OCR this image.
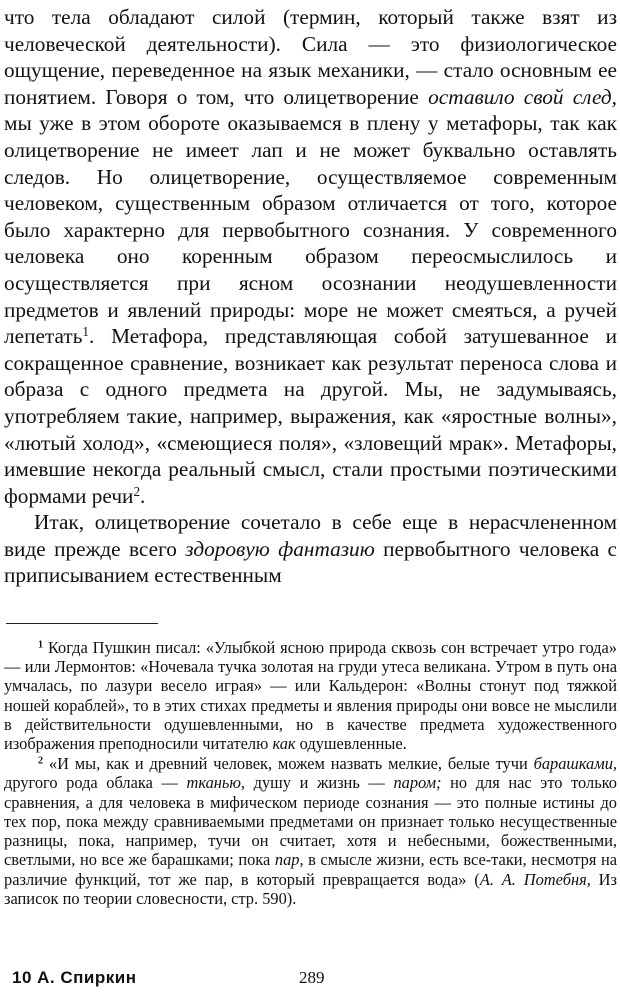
что тела обладают силой (термин, который также взят из человеческой деятельности). Сила — это физиологическое ощущение, переведенное на язык механики, — стало основным ее понятием. Говоря о том, что олицетворение оставило свой след, мы уже в этом обороте оказываемся в плену у метафоры, так как олицетворение не имеет лап и не может буквально оставлять следов. Но олицетворение, осуществляемое современным человеком, существенным образом отличается от того, которое было характерно для первобытного сознания. У современного человека оно коренным образом переосмыслилось и осуществляется при ясном осознании неодушевленности предметов и явлений природы: море не может смеяться, а ручей лепетать$^1$. Метафора, представляющая собой затушеванное и сокращенное сравнение, возникает как результат переноса слова и образа с одного предмета на другой. Мы, не задумываясь, употребляем такие, например, выражения, как «яростные волны», «лютый холод», «смеющиеся поля», «зловещий мрак». Метафоры, имевшие некогда реальный смысл, стали простыми поэтическими формами речи$^2$.

Итак, олицетворение сочетало в себе еще в нерасчлененном виде прежде всего здоровую фантазию первобытного человека с приписыванием естественным

$^1$ Когда Пушкин писал: «Улыбкой ясною природа сквозь сон встречает утро года» — или Лермонтов: «Ночевала тучка золотая на груди утеса великана. Утром в путь она умчалась, по лазури весело играя» — или Кальдерон: «Волны стонут под тяжкой ношей кораблей», то в этих стихах предметы и явления природы они вовсе не мыслили в действительности одушевленными, но в качестве предмета художественного изображения преподносили читателю как одушевленные.

$^2$ «И мы, как и древний человек, можем назвать мелкие, белые тучи барашками, другого рода облака — тканью, душу и жизнь — паром; но для нас это только сравнения, а для человека в мифическом периоде сознания — это полные истины до тех пор, пока между сравниваемыми предметами он признает только несущественные разницы, пока, например, тучи он считает, хотя и небесными, божественными, светлыми, но все же барашками; пока пар, в смысле жизни, есть все-таки, несмотря на различие функций, тот же пар, в который превращается вода» (А. А. Потебня, Из записок по теории словесности, стр. 590).

10 А. Спиркин	289
